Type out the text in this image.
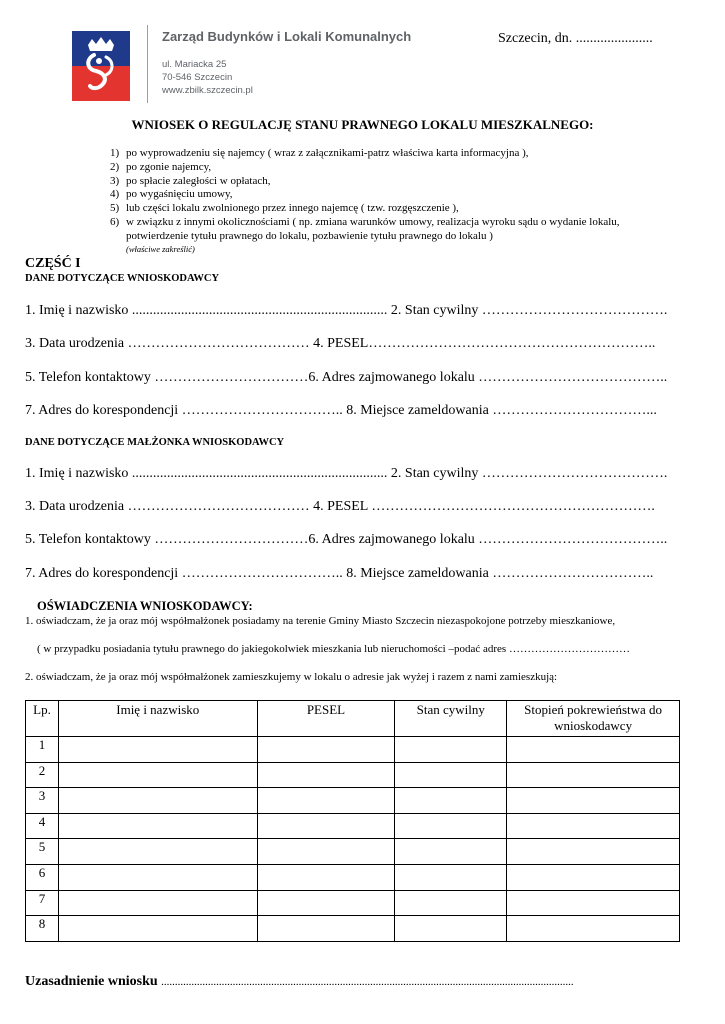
Zarząd Budynków i Lokali Komunalnych
ul. Mariacka 25
70-546 Szczecin
www.zbilk.szczecin.pl
Szczecin, dn. ......................
WNIOSEK O REGULACJĘ STANU PRAWNEGO LOKALU MIESZKALNEGO:
1) po wyprowadzeniu się najemcy ( wraz z załącznikami-patrz właściwa karta informacyjna ),
2) po zgonie najemcy,
3) po spłacie zaległości w opłatach,
4) po wygaśnięciu umowy,
5) lub części lokalu zwolnionego przez innego najemcę ( tzw. rozgęszczenie ),
6) w związku z innymi okolicznościami ( np. zmiana warunków umowy, realizacja wyroku sądu o wydanie lokalu,
potwierdzenie tytułu prawnego do lokalu, pozbawienie tytułu prawnego do lokalu )
(właściwe zakreślić)
CZĘŚĆ I
DANE DOTYCZĄCE WNIOSKODAWCY
1. Imię i nazwisko ......................................................................... 2. Stan cywilny ………………………………….
3. Data urodzenia ………………………………… 4. PESEL……………………………………………………..
5. Telefon kontaktowy ……………………………6. Adres zajmowanego lokalu …………………………………..
7. Adres do korespondencji …………………………….. 8. Miejsce zameldowania ……………………………...
DANE DOTYCZĄCE MAŁŻONKA WNIOSKODAWCY
1. Imię i nazwisko ......................................................................... 2. Stan cywilny ………………………………….
3. Data urodzenia ………………………………… 4. PESEL …………………………………………………….
5. Telefon kontaktowy ……………………………6. Adres zajmowanego lokalu …………………………………..
7. Adres do korespondencji …………………………….. 8. Miejsce zameldowania ……………………………..
OŚWIADCZENIA WNIOSKODAWCY:
1. oświadczam, że ja oraz mój współmałżonek posiadamy na terenie Gminy Miasto Szczecin niezaspokojone potrzeby mieszkaniowe,
( w przypadku posiadania tytułu prawnego do jakiegokolwiek mieszkania lub nieruchomości –podać adres ……………………………
2. oświadczam, że ja oraz mój współmałżonek zamieszkujemy w lokalu o adresie jak wyżej i razem z nami zamieszkują:
Lp.	Imię i nazwisko	PESEL	Stan cywilny	Stopień pokrewieństwa do wnioskodawcy
1				
2				
3				
4				
5				
6				
7				
8				
Uzasadnienie wniosku ......................................................................................................................................................
